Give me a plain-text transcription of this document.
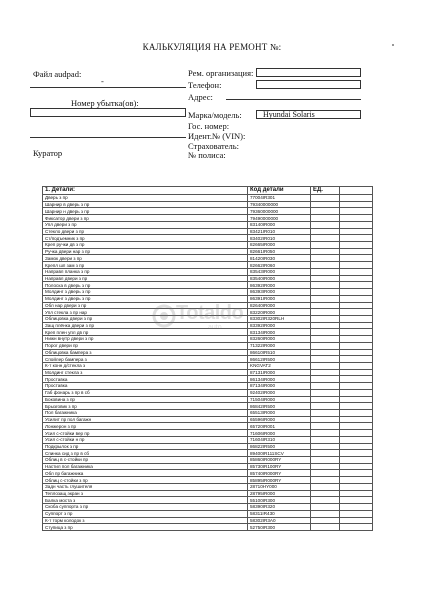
КАЛЬКУЛЯЦИЯ НА РЕМОНТ №:
Файл audpad:
-
Номер убытка(ов):
Куратор
Рем. организация:
Телефон:
Адрес:
Марка/модель:	Hyundai Solaris
Гос. номер:
Идент.№ (VIN):
Страхователь:
№ полиса:
1. Детали:	Код детали	ЕД.	
Дверь з пр	77004IR301		
Шарнир в дверь з пр	79340000000		
Шарнир н дверь з пр	79360000000		
Фиксатор двери з пр	79490000000		
Упл двери з пр	83140IR000		
Стекло двери з пр	83421IR010		
Ст/подъемник з пр	83402IR010		
Креп ручки дв з пр	82665IR000		
Ручка двери нар з пр	82661IR050		
Замок двери з пр	81420IR030		
Крепл шп зам з пр	82662IR060		
Направл планка з пр	83543IR000		
Направл двери з пр	83540IR000		
Полоска в дверь з пр	86392IR000		
Молдинг з дверь з пр	86393IR000		
Молдинг з дверь з пр	86391IR000		
Обл нар двери з пр	82640IR000		
Упл стекла з пр нар	83220IR000		
Облицовка двери з пр	83302IR320RLH		
Защ плёнка двери з пр	83392IR000		
Креп плен упл дв пр	83134IR000		
Нижн внутр двери з пр	83260IR000		
Порог двери пр	71322IR000		
Облицовка бампера з	86610IR510		
Спойлер бампера з	86612IR500		
К-т конн д/стекла з	KNGVAT2		
Молдинг стекла з	87131IR000		
Проставка	86134IR000		
Проставка	87134IR000		
Габ фонарь з пр в сб	92402IR000		
Боковина з пр	71504IR000		
Брызговик з пр	86842IR500		
Пол багажника	65513IR000		
Усилит пр пол багажн	65596IR000		
Лонжерон з пр	65720IR001		
Усил с-стойки вер пр	71606IR000		
Усил с-стойки н пр	71604IR310		
Подкрылок з пр	86822IR500		
Спинка сид з пр в сб	89400IR111SCV		
Облиц в с-стойки пр	85860IR000RY		
Настил пол багажника	85730IR100RY		
Обл пр багажника	85740IR000RY		
Облиц с-стойки з пр	85895IR000RY		
Задн часть глушителя	28710HY000		
Теплозащ экран з	28795IR000		
Балка моста з	55100IR300		
Скоба суппорта з пр	58390IR320		
Суппорт з пр	58311IR430		
К-т торм колодок з	58302IR3A0		
Ступица з пр	52750IR300		
Totaldo
auto
